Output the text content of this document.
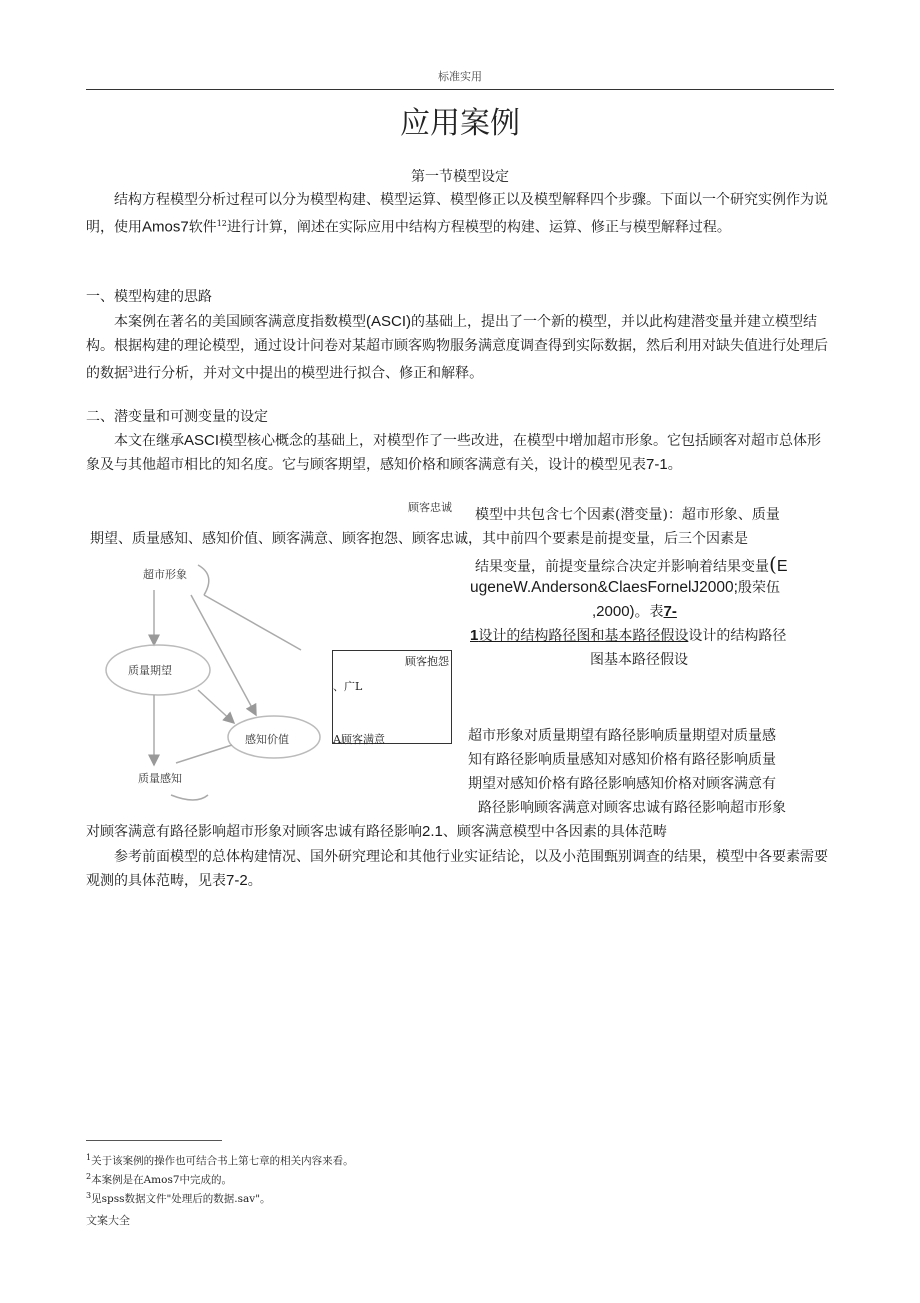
标准实用
应用案例
第一节模型设定
结构方程模型分析过程可以分为模型构建、模型运算、模型修正以及模型解释四个步骤。下面以一个研究实例作为说明，使用Amos7软件$^{12}$进行计算，阐述在实际应用中结构方程模型的构建、运算、修正与模型解释过程。
一、模型构建的思路
本案例在著名的美国顾客满意度指数模型(ASCI)的基础上，提出了一个新的模型，并以此构建潜变量并建立模型结构。根据构建的理论模型，通过设计问卷对某超市顾客购物服务满意度调查得到实际数据，然后利用对缺失值进行处理后的数据$^3$进行分析，并对文中提出的模型进行拟合、修正和解释。
二、潜变量和可测变量的设定
本文在继承ASCI模型核心概念的基础上，对模型作了一些改进，在模型中增加超市形象。它包括顾客对超市总体形象及与其他超市相比的知名度。它与顾客期望，感知价格和顾客满意有关，设计的模型见表7-1。
顾客忠诚
超市形象
质量期望
感知价值
质量感知
顾客抱怨
、广L
A顾客满意
模型中共包含七个因素(潜变量)：超市形象、质量
期望、质量感知、感知价值、顾客满意、顾客抱怨、顾客忠诚，其中前四个要素是前提变量，后三个因素是
结果变量，前提变量综合决定并影响着结果变量(E
ugeneW.Anderson&ClaesFornelJ2000;殷荣伍
,2000)。表7-
1设计的结构路径图和基本路径假设设计的结构路径
图基本路径假设
超市形象对质量期望有路径影响质量期望对质量感
知有路径影响质量感知对感知价格有路径影响质量
期望对感知价格有路径影响感知价格对顾客满意有
路径影响顾客满意对顾客忠诚有路径影响超市形象
对顾客满意有路径影响超市形象对顾客忠诚有路径影响2.1、顾客满意模型中各因素的具体范畴
参考前面模型的总体构建情况、国外研究理论和其他行业实证结论，以及小范围甄别调查的结果，模型中各要素需要观测的具体范畴，见表7-2。
$^1$关于该案例的操作也可结合书上第七章的相关内容来看。
$^2$本案例是在Amos7中完成的。
$^3$见spss数据文件"处理后的数据.sav"。
文案大全
